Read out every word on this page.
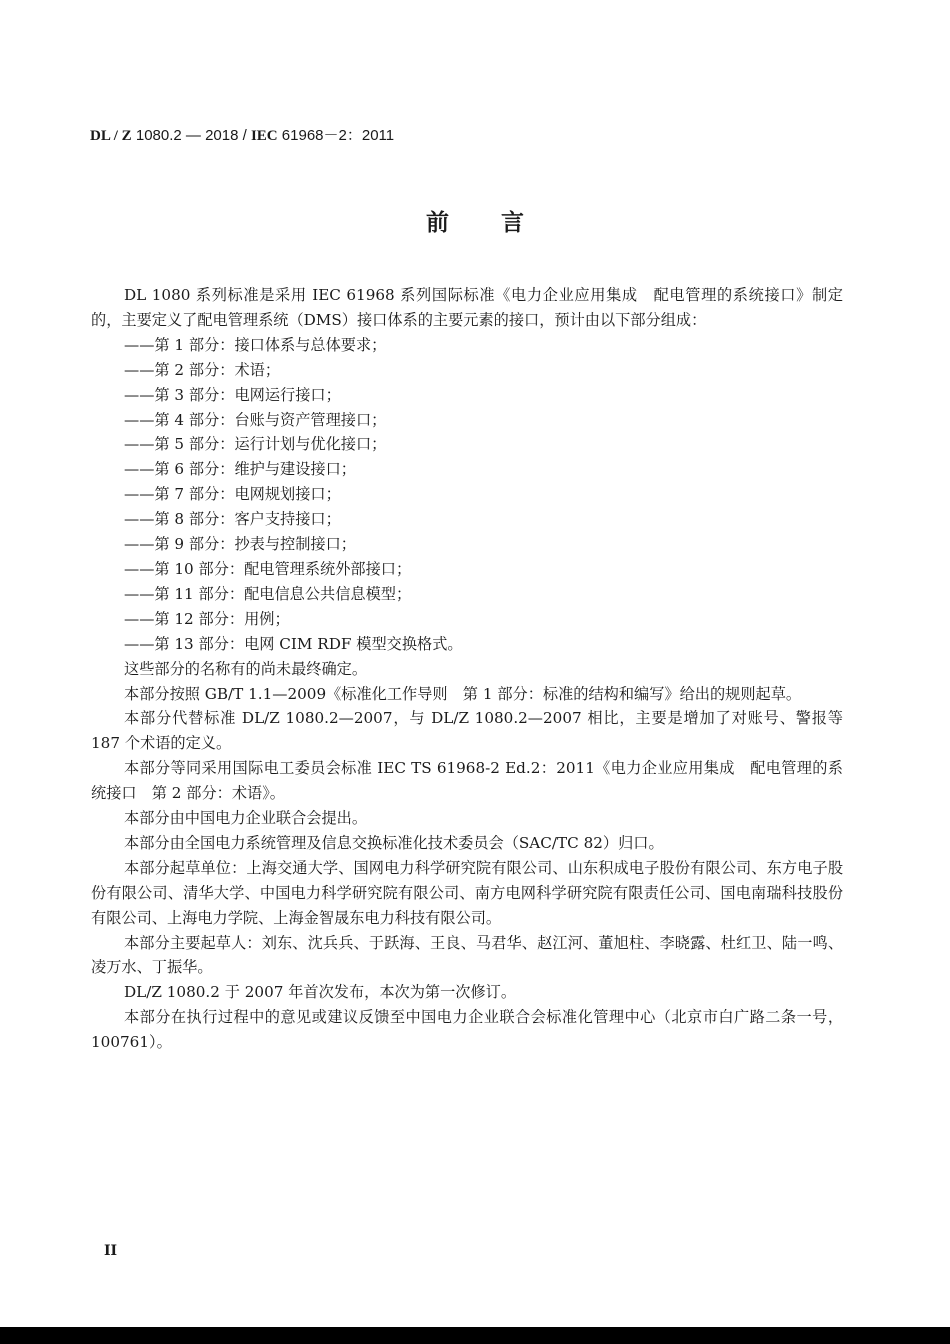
DL / Z 1080.2 — 2018 / IEC 61968－2：2011
前 言

DL 1080 系列标准是采用 IEC 61968 系列国际标准《电力企业应用集成　配电管理的系统接口》制定的，主要定义了配电管理系统（DMS）接口体系的主要元素的接口，预计由以下部分组成：

——第 1 部分：接口体系与总体要求；

——第 2 部分：术语；

——第 3 部分：电网运行接口；

——第 4 部分：台账与资产管理接口；

——第 5 部分：运行计划与优化接口；

——第 6 部分：维护与建设接口；

——第 7 部分：电网规划接口；

——第 8 部分：客户支持接口；

——第 9 部分：抄表与控制接口；

——第 10 部分：配电管理系统外部接口；

——第 11 部分：配电信息公共信息模型；

——第 12 部分：用例；

——第 13 部分：电网 CIM RDF 模型交换格式。

这些部分的名称有的尚未最终确定。

本部分按照 GB/T 1.1—2009《标准化工作导则　第 1 部分：标准的结构和编写》给出的规则起草。

本部分代替标准 DL/Z 1080.2—2007，与 DL/Z 1080.2—2007 相比，主要是增加了对账号、警报等 187 个术语的定义。

本部分等同采用国际电工委员会标准 IEC TS 61968-2 Ed.2：2011《电力企业应用集成　配电管理的系统接口　第 2 部分：术语》。

本部分由中国电力企业联合会提出。

本部分由全国电力系统管理及信息交换标准化技术委员会（SAC/TC 82）归口。

本部分起草单位：上海交通大学、国网电力科学研究院有限公司、山东积成电子股份有限公司、东方电子股份有限公司、清华大学、中国电力科学研究院有限公司、南方电网科学研究院有限责任公司、国电南瑞科技股份有限公司、上海电力学院、上海金智晟东电力科技有限公司。

本部分主要起草人：刘东、沈兵兵、于跃海、王良、马君华、赵江河、董旭柱、李晓露、杜红卫、陆一鸣、凌万水、丁振华。

DL/Z 1080.2 于 2007 年首次发布，本次为第一次修订。

本部分在执行过程中的意见或建议反馈至中国电力企业联合会标准化管理中心（北京市白广路二条一号，100761）。

II
